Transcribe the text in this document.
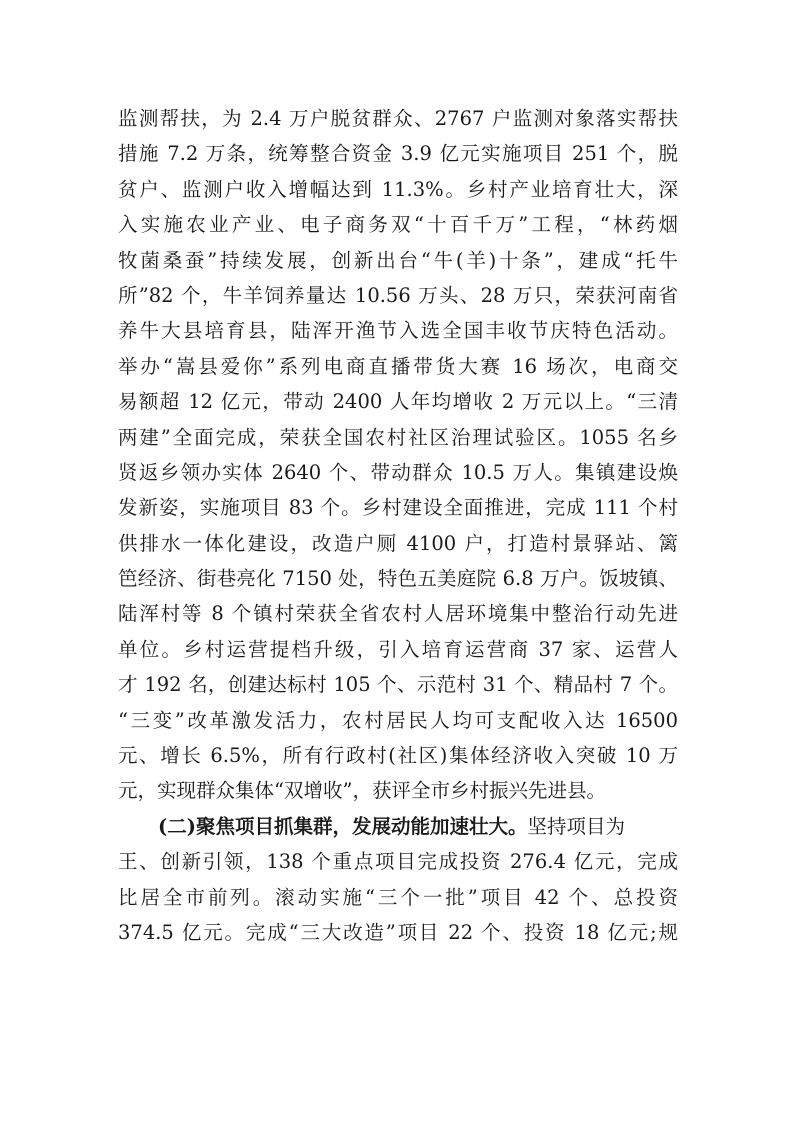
监测帮扶，为 2.4 万户脱贫群众、2767 户监测对象落实帮扶
措施 7.2 万条，统筹整合资金 3.9 亿元实施项目 251 个，脱
贫户、监测户收入增幅达到 11.3%。乡村产业培育壮大，深
入实施农业产业、电子商务双“十百千万”工程，“林药烟
牧菌桑蚕”持续发展，创新出台“牛(羊)十条”，建成“托牛
所”82 个，牛羊饲养量达 10.56 万头、28 万只，荣获河南省
养牛大县培育县，陆浑开渔节入选全国丰收节庆特色活动。
举办“嵩县爱你”系列电商直播带货大赛 16 场次，电商交
易额超 12 亿元，带动 2400 人年均增收 2 万元以上。“三清
两建”全面完成，荣获全国农村社区治理试验区。1055 名乡
贤返乡领办实体 2640 个、带动群众 10.5 万人。集镇建设焕
发新姿，实施项目 83 个。乡村建设全面推进，完成 111 个村
供排水一体化建设，改造户厕 4100 户，打造村景驿站、篱
笆经济、街巷亮化 7150 处，特色五美庭院 6.8 万户。饭坡镇、
陆浑村等 8 个镇村荣获全省农村人居环境集中整治行动先进
单位。乡村运营提档升级，引入培育运营商 37 家、运营人
才 192 名，创建达标村 105 个、示范村 31 个、精品村 7 个。
“三变”改革激发活力，农村居民人均可支配收入达 16500
元、增长 6.5%，所有行政村(社区)集体经济收入突破 10 万
元，实现群众集体“双增收”，获评全市乡村振兴先进县。
(二)聚焦项目抓集群，发展动能加速壮大。坚持项目为
王、创新引领，138 个重点项目完成投资 276.4 亿元，完成
比居全市前列。滚动实施“三个一批”项目 42 个、总投资
374.5 亿元。完成“三大改造”项目 22 个、投资 18 亿元;规
